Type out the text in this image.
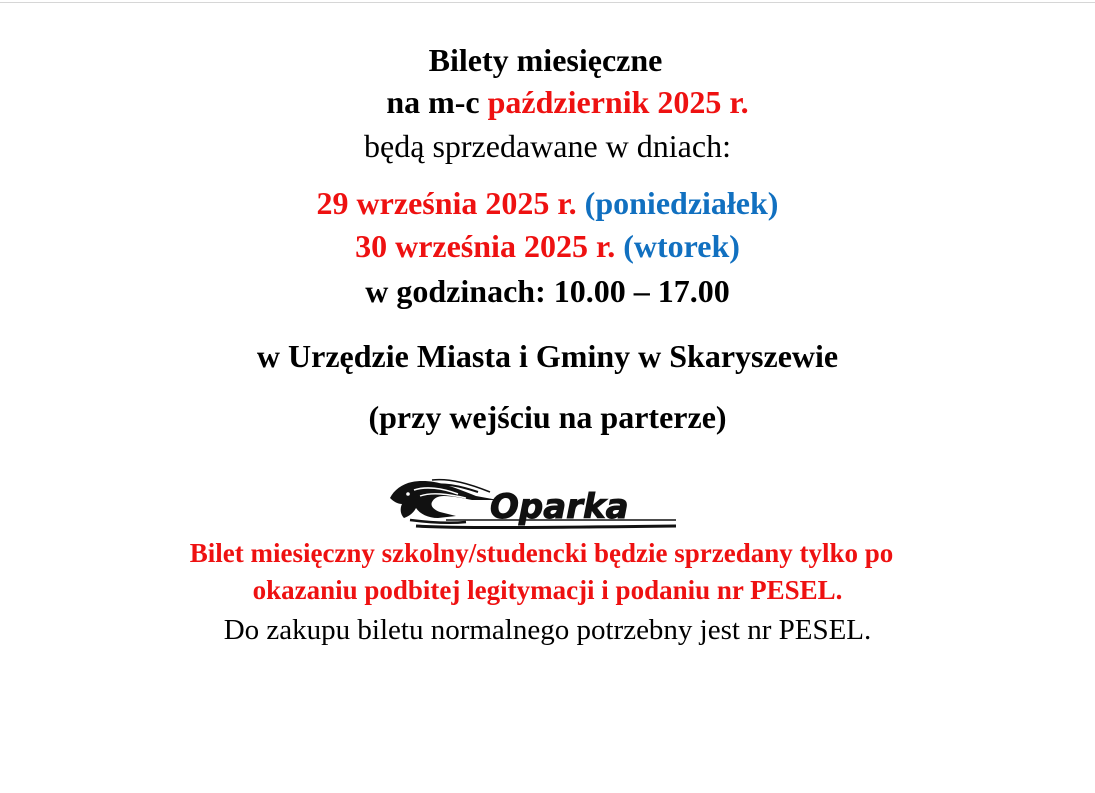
Bilety miesięczne
na m-c październik 2025 r.
będą sprzedawane w dniach:
29 września 2025 r. (poniedziałek)
30 września 2025 r. (wtorek)
w godzinach: 10.00 – 17.00
w Urzędzie Miasta i Gminy w Skaryszewie
(przy wejściu na parterze)
Oparka
Bilet miesięczny szkolny/studencki będzie sprzedany tylko po
okazaniu podbitej legitymacji i podaniu nr PESEL.
Do zakupu biletu normalnego potrzebny jest nr PESEL.
